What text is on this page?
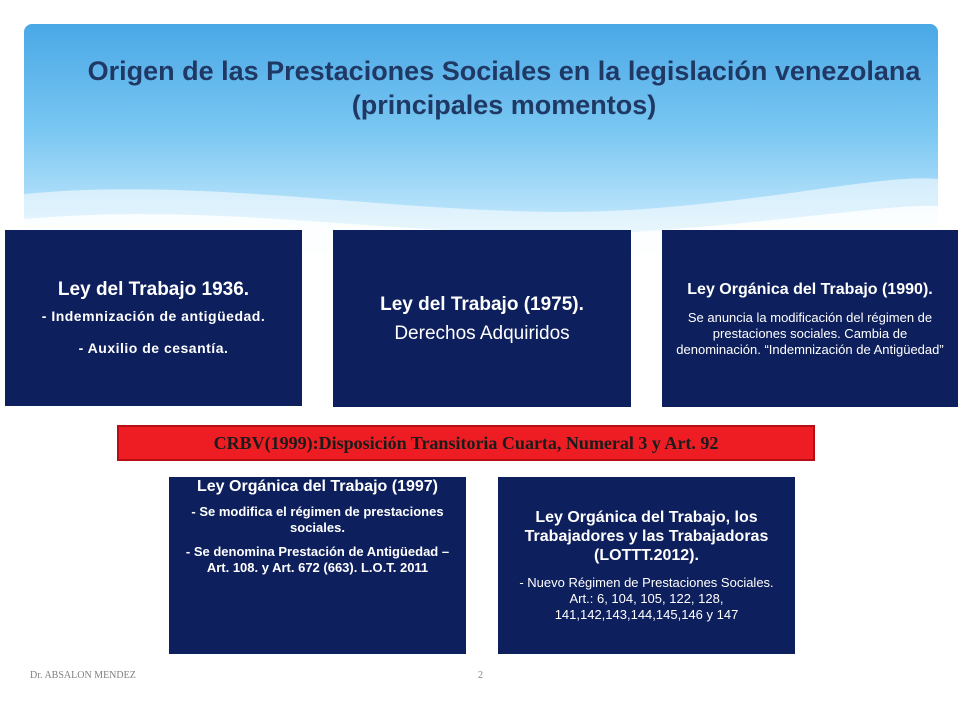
Origen de las Prestaciones Sociales en la legislación venezolana (principales momentos)

Ley del Trabajo 1936.

- Indemnización de antigüedad.

- Auxilio de cesantía.

Ley del Trabajo (1975).

Derechos Adquiridos

Ley Orgánica del Trabajo (1990).

Se anuncia la modificación del régimen de prestaciones sociales. Cambia de denominación. “Indemnización de Antigüedad”

CRBV(1999):Disposición Transitoria Cuarta, Numeral 3 y Art. 92

Ley Orgánica del Trabajo (1997)

- Se modifica el régimen de prestaciones sociales.

- Se denomina Prestación de Antigüedad – Art. 108. y Art. 672 (663). L.O.T. 2011

Ley Orgánica del Trabajo, los Trabajadores y las Trabajadoras (LOTTT.2012).

- Nuevo Régimen de Prestaciones Sociales. Art.: 6, 104, 105, 122, 128, 141,142,143,144,145,146 y 147

Dr. ABSALON MENDEZ	2
